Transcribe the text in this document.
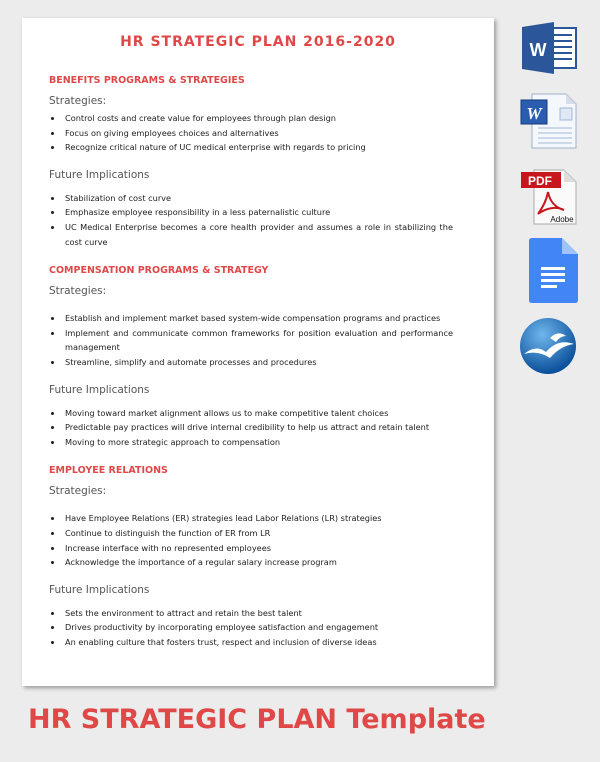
HR STRATEGIC PLAN 2016-2020
BENEFITS PROGRAMS & STRATEGIES
Strategies:
Control costs and create value for employees through plan design
Focus on giving employees choices and alternatives
Recognize critical nature of UC medical enterprise with regards to pricing
Future Implications
Stabilization of cost curve
Emphasize employee responsibility in a less paternalistic culture
UC Medical Enterprise becomes a core health provider and assumes a role in stabilizing the cost curve
COMPENSATION PROGRAMS & STRATEGY
Strategies:
Establish and implement market based system-wide compensation programs and practices
Implement and communicate common frameworks for position evaluation and performance management
Streamline, simplify and automate processes and procedures
Future Implications
Moving toward market alignment allows us to make competitive talent choices
Predictable pay practices will drive internal credibility to help us attract and retain talent
Moving to more strategic approach to compensation
EMPLOYEE RELATIONS
Strategies:
Have Employee Relations (ER) strategies lead Labor Relations (LR) strategies
Continue to distinguish the function of ER from LR
Increase interface with no represented employees
Acknowledge the importance of a regular salary increase program
Future Implications
Sets the environment to attract and retain the best talent
Drives productivity by incorporating employee satisfaction and engagement
An enabling culture that fosters trust, respect and inclusion of diverse ideas
W
W
PDF
Adobe
HR STRATEGIC PLAN Template
